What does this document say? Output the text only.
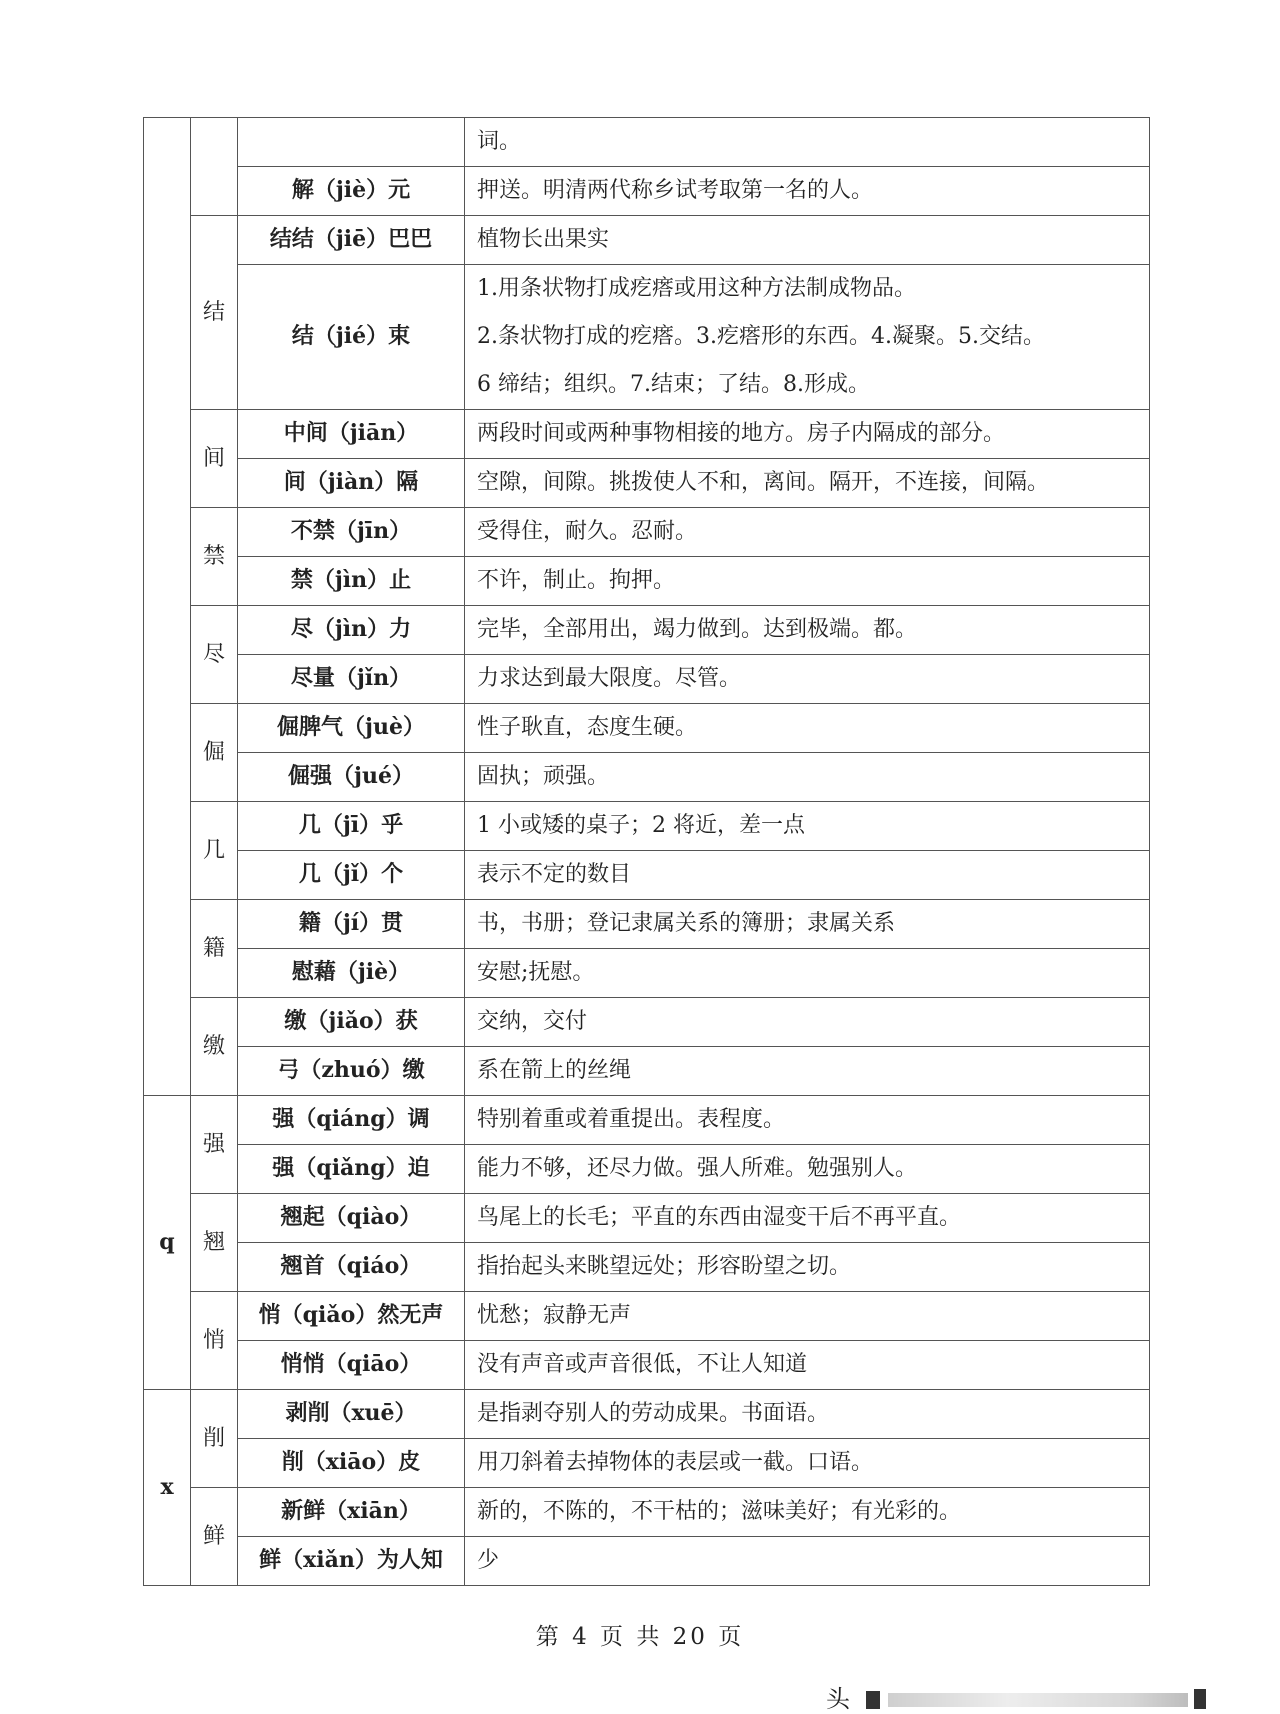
			词。
		解（jiè）元	押送。明清两代称乡试考取第一名的人。
	结	结结（jiē）巴巴	植物长出果实
		结（jié）束	1.用条状物打成疙瘩或用这种方法制成物品。
2.条状物打成的疙瘩。3.疙瘩形的东西。4.凝聚。5.交结。
6 缔结；组织。7.结束；了结。8.形成。

	间	中间（jiān）	两段时间或两种事物相接的地方。房子内隔成的部分。
		间（jiàn）隔	空隙，间隙。挑拨使人不和，离间。隔开，不连接，间隔。
	禁	不禁（jīn）	受得住，耐久。忍耐。
		禁（jìn）止	不许，制止。拘押。
	尽	尽（jìn）力	完毕，全部用出，竭力做到。达到极端。都。
		尽量（jǐn）	力求达到最大限度。尽管。
	倔	倔脾气（juè）	性子耿直，态度生硬。
		倔强（jué）	固执；顽强。
	几	几（jī）乎	1 小或矮的桌子；2 将近，差一点
		几（jǐ）个	表示不定的数目
	籍	籍（jí）贯	书，书册；登记隶属关系的簿册；隶属关系
		慰藉（jiè）	安慰;抚慰。
	缴	缴（jiǎo）获	交纳，交付
		弓（zhuó）缴	系在箭上的丝绳
q	强	强（qiáng）调	特别着重或着重提出。表程度。
		强（qiǎng）迫	能力不够，还尽力做。强人所难。勉强别人。
	翘	翘起（qiào）	鸟尾上的长毛；平直的东西由湿变干后不再平直。
		翘首（qiáo）	指抬起头来眺望远处；形容盼望之切。
	悄	悄（qiǎo）然无声	忧愁；寂静无声
		悄悄（qiāo）	没有声音或声音很低，不让人知道
x	削	剥削（xuē）	是指剥夺别人的劳动成果。书面语。
		削（xiāo）皮	用刀斜着去掉物体的表层或一截。口语。
	鲜	新鲜（xiān）	新的，不陈的，不干枯的；滋味美好；有光彩的。
		鲜（xiǎn）为人知	少
第 4 页 共 20 页
头
